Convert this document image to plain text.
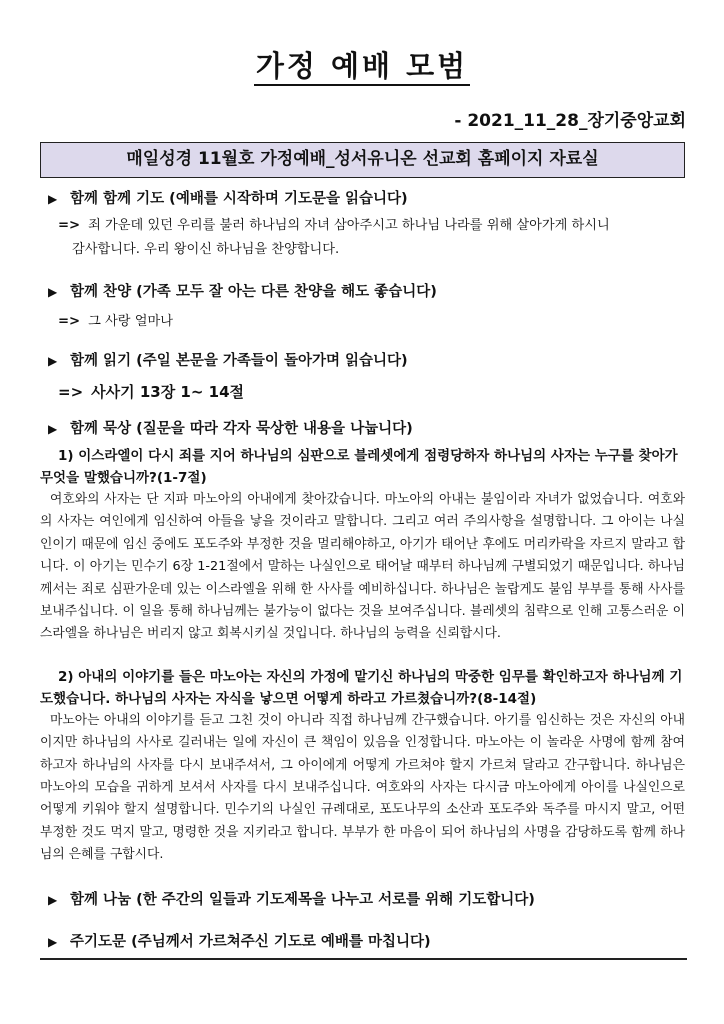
가정 예배 모범
- 2021_11_28_장기중앙교회
매일성경 11월호 가정예배_성서유니온 선교회 홈페이지 자료실
▶ 함께 함께 기도 (예배를 시작하며 기도문을 읽습니다)
=> 죄 가운데 있던 우리를 불러 하나님의 자녀 삼아주시고 하나님 나라를 위해 살아가게 하시니
감사합니다. 우리 왕이신 하나님을 찬양합니다.
▶ 함께 찬양 (가족 모두 잘 아는 다른 찬양을 해도 좋습니다)
=> 그 사랑 얼마나
▶ 함께 읽기 (주일 본문을 가족들이 돌아가며 읽습니다)
=> 사사기 13장 1~ 14절
▶ 함께 묵상 (질문을 따라 각자 묵상한 내용을 나눕니다)

1) 이스라엘이 다시 죄를 지어 하나님의 심판으로 블레셋에게 점령당하자 하나님의 사자는 누구를 찾아가 무엇을 말했습니까?(1-7절)

여호와의 사자는 단 지파 마노아의 아내에게 찾아갔습니다. 마노아의 아내는 불임이라 자녀가 없었습니다. 여호와의 사자는 여인에게 임신하여 아들을 낳을 것이라고 말합니다. 그리고 여러 주의사항을 설명합니다. 그 아이는 나실인이기 때문에 임신 중에도 포도주와 부정한 것을 멀리해야하고, 아기가 태어난 후에도 머리카락을 자르지 말라고 합니다. 이 아기는 민수기 6장 1-21절에서 말하는 나실인으로 태어날 때부터 하나님께 구별되었기 때문입니다. 하나님께서는 죄로 심판가운데 있는 이스라엘을 위해 한 사사를 예비하십니다. 하나님은 놀랍게도 불임 부부를 통해 사사를 보내주십니다. 이 일을 통해 하나님께는 불가능이 없다는 것을 보여주십니다. 블레셋의 침략으로 인해 고통스러운 이스라엘을 하나님은 버리지 않고 회복시키실 것입니다. 하나님의 능력을 신뢰합시다.

2) 아내의 이야기를 들은 마노아는 자신의 가정에 맡기신 하나님의 막중한 임무를 확인하고자 하나님께 기도했습니다. 하나님의 사자는 자식을 낳으면 어떻게 하라고 가르쳤습니까?(8-14절)

마노아는 아내의 이야기를 듣고 그친 것이 아니라 직접 하나님께 간구했습니다. 아기를 임신하는 것은 자신의 아내이지만 하나님의 사사로 길러내는 일에 자신이 큰 책임이 있음을 인정합니다. 마노아는 이 놀라운 사명에 함께 참여하고자 하나님의 사자를 다시 보내주셔서, 그 아이에게 어떻게 가르쳐야 할지 가르쳐 달라고 간구합니다. 하나님은 마노아의 모습을 귀하게 보셔서 사자를 다시 보내주십니다. 여호와의 사자는 다시금 마노아에게 아이를 나실인으로 어떻게 키워야 할지 설명합니다. 민수기의 나실인 규례대로, 포도나무의 소산과 포도주와 독주를 마시지 말고, 어떤 부정한 것도 먹지 말고, 명령한 것을 지키라고 합니다. 부부가 한 마음이 되어 하나님의 사명을 감당하도록 함께 하나님의 은혜를 구합시다.

▶ 함께 나눔 (한 주간의 일들과 기도제목을 나누고 서로를 위해 기도합니다)
▶ 주기도문 (주님께서 가르쳐주신 기도로 예배를 마칩니다)
